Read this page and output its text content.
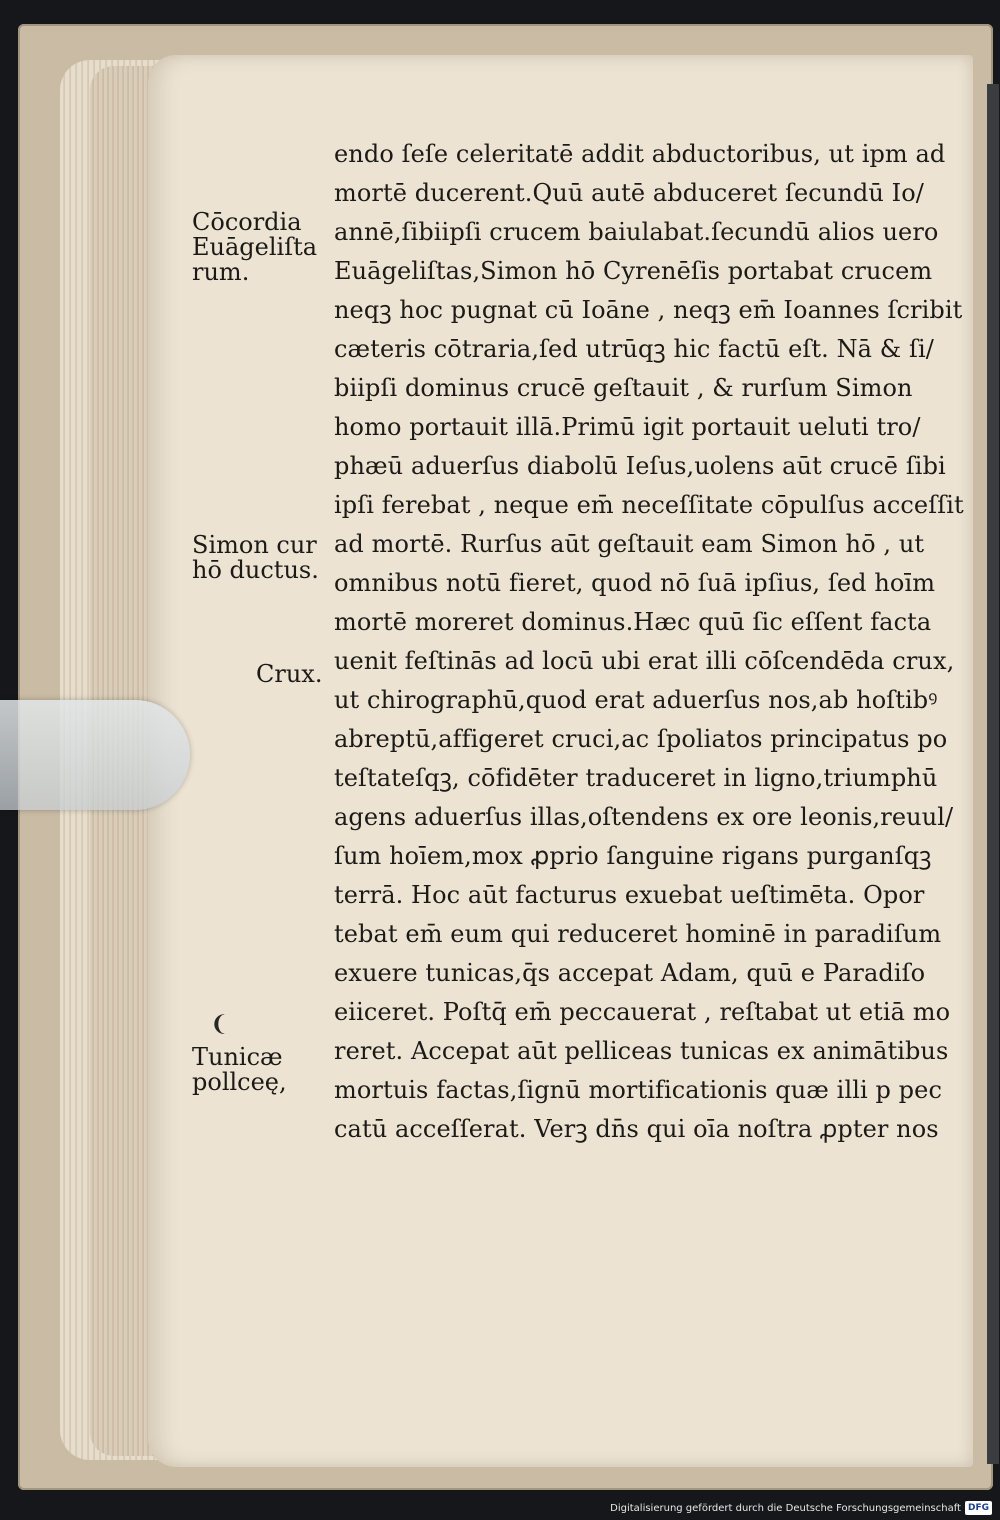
Cōcordia
Euāgeliſta
rum.
Simon cur
hō ductus.
Crux.
❨
Tunicæ
pollceę,
endo ſeſe celeritatē addit abductoribus, ut ipm ad
mortē ducerent.Quū autē abduceret ſecundū Io/
annē,ſibiipſi crucem baiulabat.ſecundū alios uero
Euāgeliſtas,Simon hō Cyrenēſis portabat crucem
neqꝫ hoc pugnat cū Ioāne , neqꝫ em̄ Ioannes ſcribit
cæteris cōtraria,ſed utrūqꝫ hic factū eſt. Nā & ſi/
biipſi dominus crucē geſtauit , & rurſum Simon
homo portauit illā.Primū igit portauit ueluti tro/
phæū aduerſus diabolū Ieſus,uolens aūt crucē ſibi
ipſi ferebat , neque em̄ neceſſitate cōpulſus acceſſit
ad mortē. Rurſus aūt geſtauit eam Simon hō , ut
omnibus notū fieret, quod nō ſuā ipſius, ſed hoīm
mortē moreret dominus.Hæc quū ſic eſſent facta
uenit feſtinās ad locū ubi erat illi cōſcendēda crux,
ut chirographū,quod erat aduerſus nos,ab hoſtibꝰ
abreptū,affigeret cruci,ac ſpoliatos principatus po
teſtateſqꝫ, cōfidēter traduceret in ligno,triumphū
agens aduerſus illas,oſtendens ex ore leonis,reuul/
ſum hoīem,mox ꝓprio ſanguine rigans purganſqꝫ
terrā. Hoc aūt facturus exuebat ueſtimēta. Opor
tebat em̄ eum qui reduceret hominē in paradiſum
exuere tunicas,q̄s accepat Adam, quū e Paradiſo
eiiceret. Poſtq̄ em̄ peccauerat , reſtabat ut etiā mo
reret. Accepat aūt pelliceas tunicas ex animātibus
mortuis factas,ſignū mortificationis quæ illi p pec
catū acceſſerat. Verꝫ dn̄s qui oīa noſtra ꝓpter nos
Digitalisierung gefördert durch die Deutsche Forschungsgemeinschaft DFG
